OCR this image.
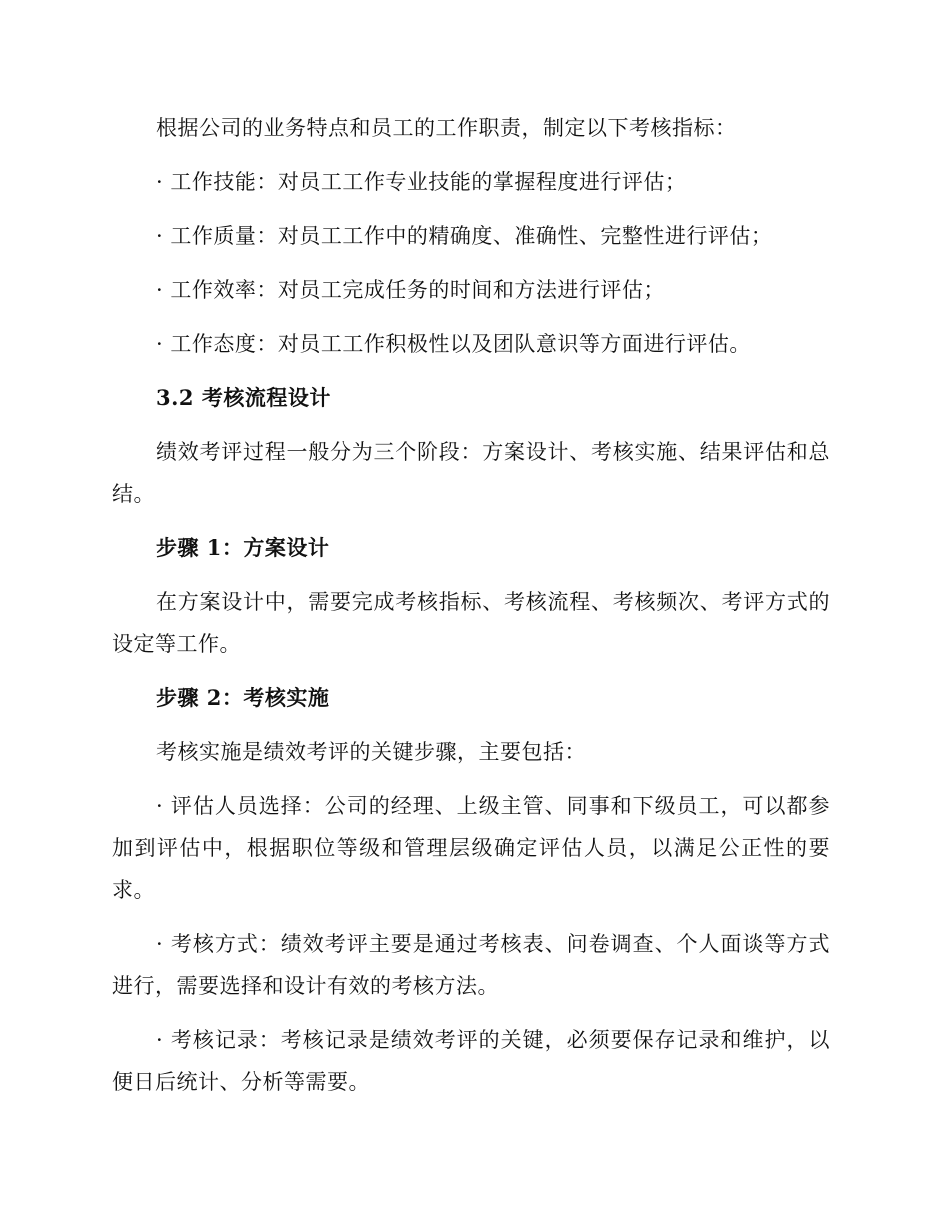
根据公司的业务特点和员工的工作职责，制定以下考核指标：

· 工作技能：对员工工作专业技能的掌握程度进行评估；

· 工作质量：对员工工作中的精确度、准确性、完整性进行评估；

· 工作效率：对员工完成任务的时间和方法进行评估；

· 工作态度：对员工工作积极性以及团队意识等方面进行评估。

3.2 考核流程设计

绩效考评过程一般分为三个阶段：方案设计、考核实施、结果评估和总结。

步骤 1：方案设计

在方案设计中，需要完成考核指标、考核流程、考核频次、考评方式的设定等工作。

步骤 2：考核实施

考核实施是绩效考评的关键步骤，主要包括：

· 评估人员选择：公司的经理、上级主管、同事和下级员工，可以都参加到评估中，根据职位等级和管理层级确定评估人员，以满足公正性的要求。

· 考核方式：绩效考评主要是通过考核表、问卷调查、个人面谈等方式进行，需要选择和设计有效的考核方法。

· 考核记录：考核记录是绩效考评的关键，必须要保存记录和维护，以便日后统计、分析等需要。
